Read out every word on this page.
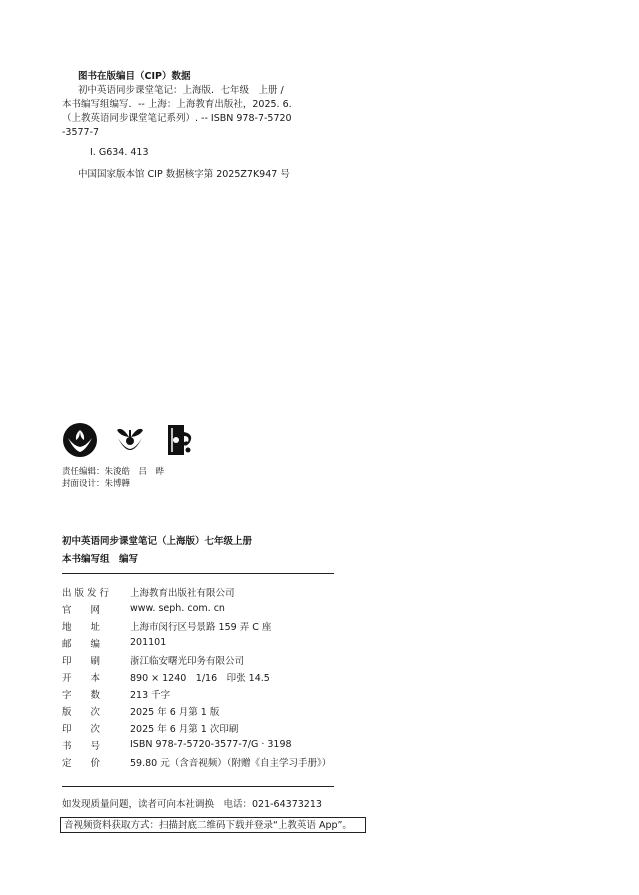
图书在版编目（CIP）数据
初中英语同步课堂笔记：上海版．七年级　上册 /
本书编写组编写．-- 上海：上海教育出版社，2025. 6.
（上教英语同步课堂笔记系列）. -- ISBN 978-7-5720
-3577-7
Ⅰ. G634. 413
中国国家版本馆 CIP 数据核字第 2025Z7K947 号
责任编辑：朱浚皓　吕　晔
封面设计：朱博韡
初中英语同步课堂笔记（上海版）七年级上册
本书编写组　编写
出 版 发 行	上海教育出版社有限公司
官　　网	www. seph. com. cn
地　　址	上海市闵行区号景路 159 弄 C 座
邮　　编	201101
印　　刷	浙江临安曙光印务有限公司
开　　本	890 × 1240　1/16　印张 14.5
字　　数	213 千字
版　　次	2025 年 6 月第 1 版
印　　次	2025 年 6 月第 1 次印刷
书　　号	ISBN 978-7-5720-3577-7/G · 3198
定　　价	59.80 元（含音视频）（附赠《自主学习手册》）
如发现质量问题，读者可向本社调换　电话：021-64373213
音视频资料获取方式：扫描封底二维码下载并登录“上教英语 App”。
